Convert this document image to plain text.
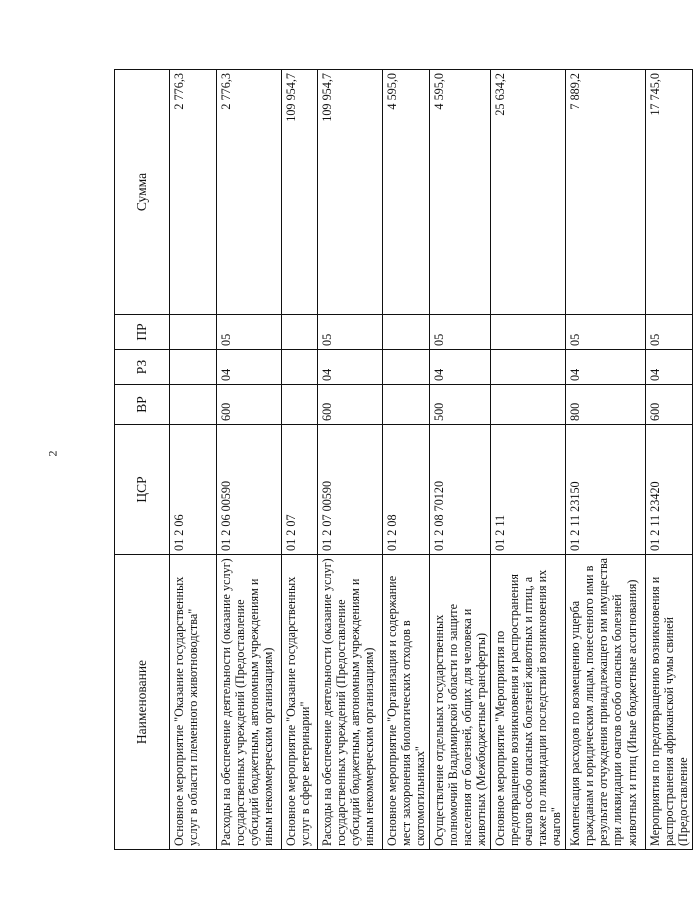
2
Наименование	ЦСР	ВР	РЗ	ПР	Сумма
Основное мероприятие "Оказание государственных услуг в области племенного животноводства"	01 2 06				2 776,3
Расходы на обеспечение деятельности (оказание услуг) государственных учреждений (Предоставление субсидий бюджетным, автономным учреждениям и иным некоммерческим организациям)	01 2 06 00590	600	04	05	2 776,3
Основное мероприятие "Оказание государственных услуг в сфере ветеринарии"	01 2 07				109 954,7
Расходы на обеспечение деятельности (оказание услуг) государственных учреждений (Предоставление субсидий бюджетным, автономным учреждениям и иным некоммерческим организациям)	01 2 07 00590	600	04	05	109 954,7
Основное мероприятие "Организация и содержание мест захоронения биологических отходов в скотомогильниках"	01 2 08				4 595,0
Осуществление отдельных государственных полномочий Владимирской области по защите населения от болезней, общих для человека и животных (Межбюджетные трансферты)	01 2 08 70120	500	04	05	4 595,0
Основное мероприятие "Мероприятия по предотвращению возникновения и распространения очагов особо опасных болезней животных и птиц, а также по ликвидации последствий возникновения их очагов"	01 2 11				25 634,2
Компенсация расходов по возмещению ущерба гражданам и юридическим лицам, понесенного ими в результате отчуждения принадлежащего им имущества при ликвидации очагов особо опасных болезней животных и птиц (Иные бюджетные ассигнования)	01 2 11 23150	800	04	05	7 889,2
Мероприятия по предотвращению возникновения и распространения африканской чумы свиней (Предоставление	01 2 11 23420	600	04	05	17 745,0
